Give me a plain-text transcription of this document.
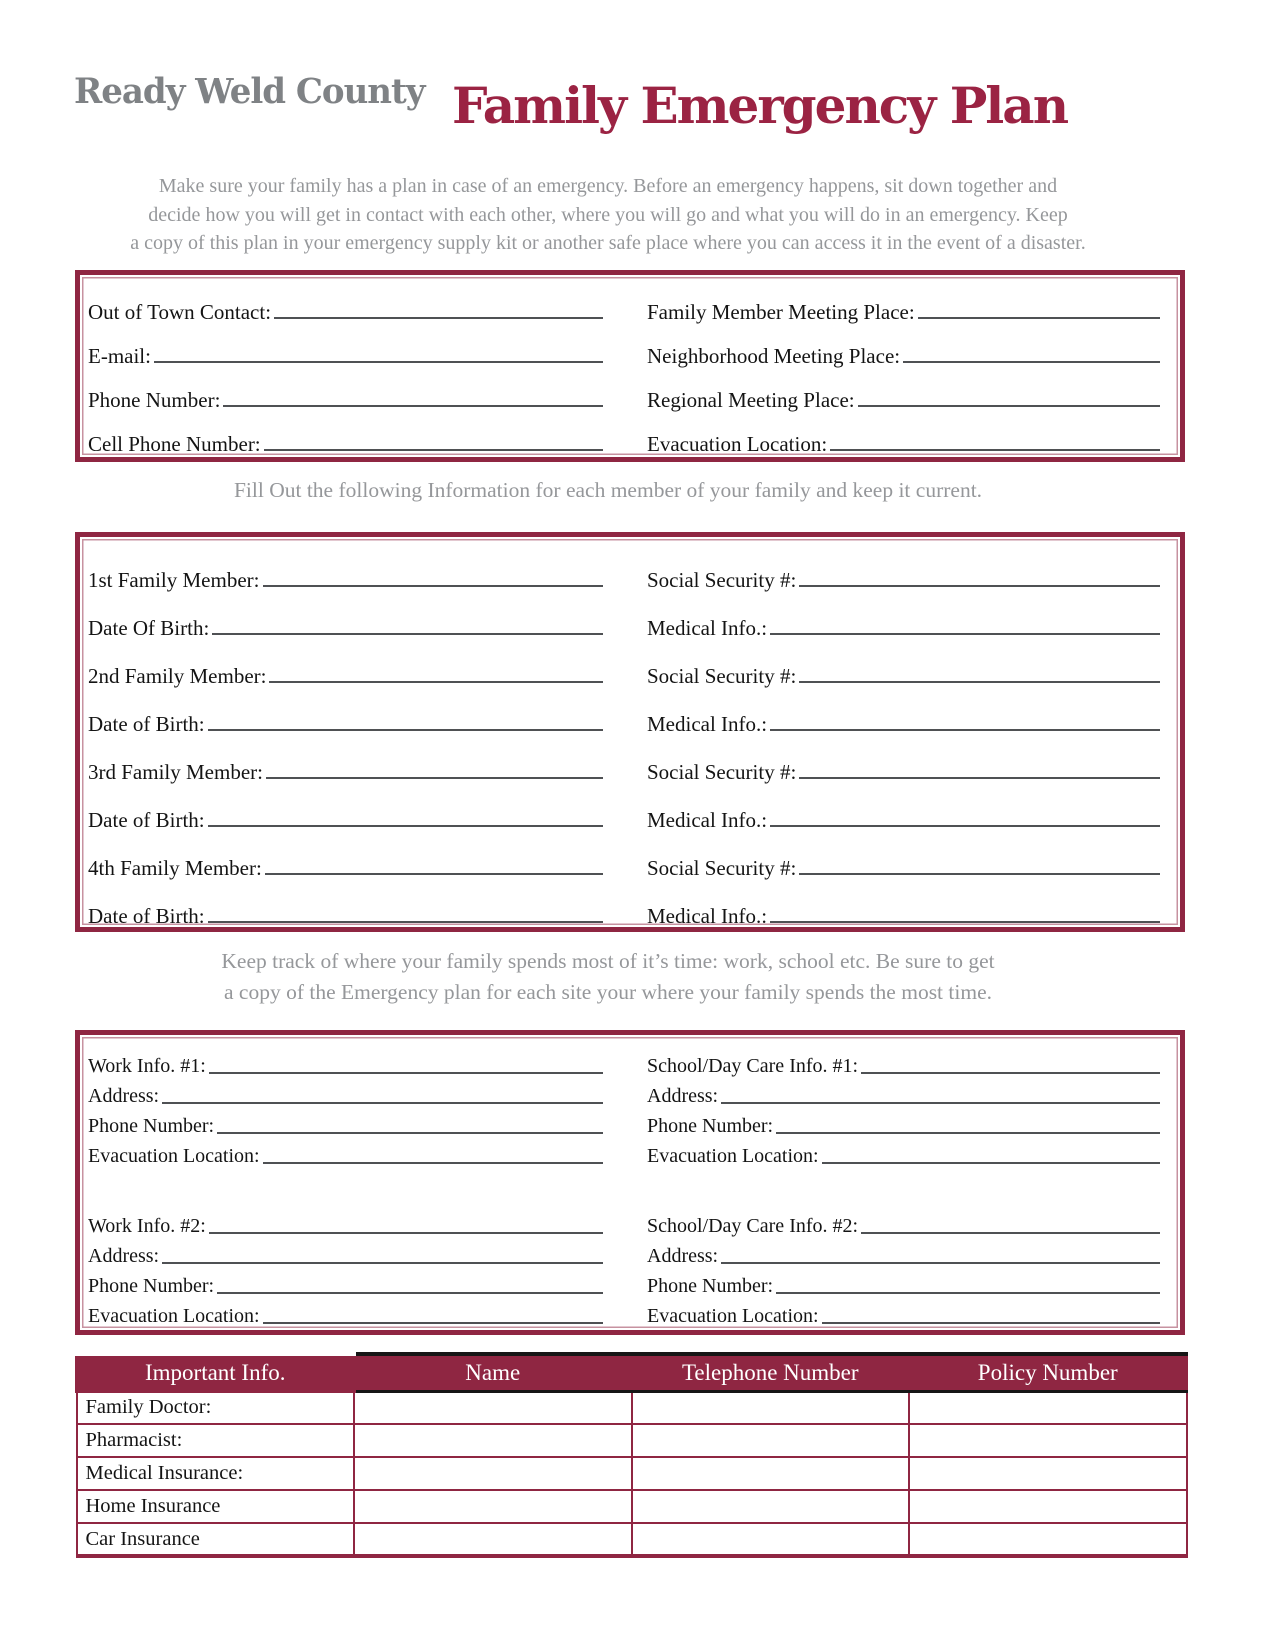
Ready Weld County Family Emergency Plan
Make sure your family has a plan in case of an emergency. Before an emergency happens, sit down together and
decide how you will get in contact with each other, where you will go and what you will do in an emergency. Keep
a copy of this plan in your emergency supply kit or another safe place where you can access it in the event of a disaster.
Out of Town Contact:	Family Member Meeting Place:
E-mail:	Neighborhood Meeting Place:
Phone Number:	Regional Meeting Place:
Cell Phone Number:	Evacuation Location:
Fill Out the following Information for each member of your family and keep it current.
1st Family Member:	Social Security #:
Date Of Birth:	Medical Info.:
2nd Family Member:	Social Security #:
Date of Birth:	Medical Info.:
3rd Family Member:	Social Security #:
Date of Birth:	Medical Info.:
4th Family Member:	Social Security #:
Date of Birth:	Medical Info.:
Keep track of where your family spends most of it’s time: work, school etc. Be sure to get
a copy of the Emergency plan for each site your where your family spends the most time.
Work Info. #1:	School/Day Care Info. #1:
Address:	Address:
Phone Number:	Phone Number:
Evacuation Location:	Evacuation Location:
Work Info. #2:	School/Day Care Info. #2:
Address:	Address:
Phone Number:	Phone Number:
Evacuation Location:	Evacuation Location:
Important Info.	Name	Telephone Number	Policy Number
Family Doctor:			
Pharmacist:			
Medical Insurance:			
Home Insurance			
Car Insurance			
